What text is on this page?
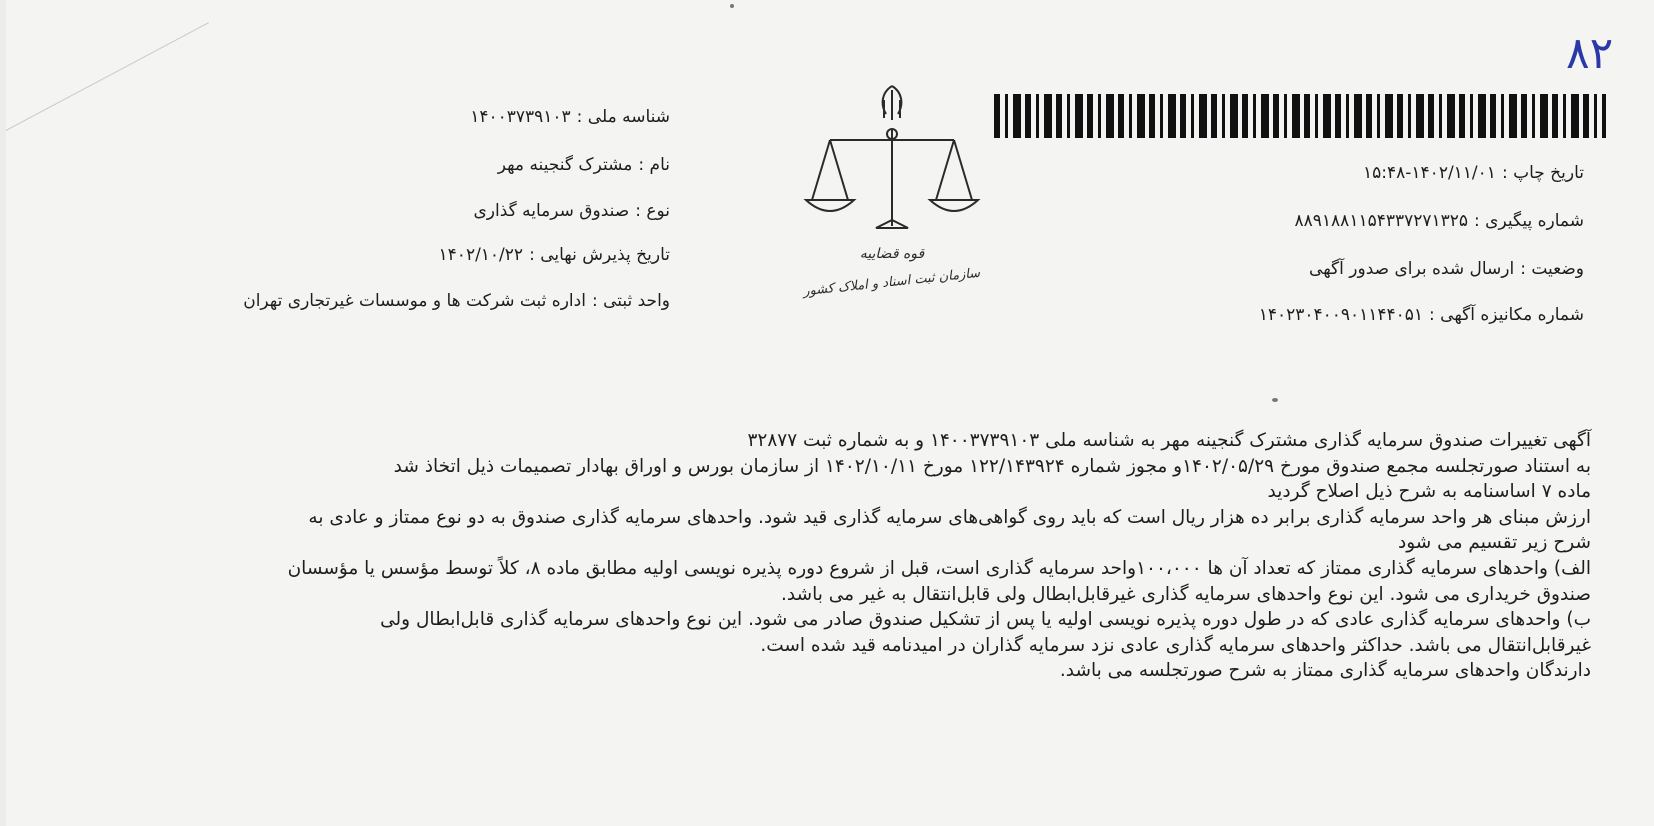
۸۲
تاریخ چاپ :۱۴۰۲/۱۱/۰۱-۱۵:۴۸
شماره پیگیری :۸۸۹۱۸۸۱۱۵۴۳۳۷۲۷۱۳۲۵
وضعیت :ارسال شده برای صدور آگهی
شماره مکانیزه آگهی :۱۴۰۲۳۰۴۰۰۹۰۱۱۴۴۰۵۱
قوه قضاییه
سازمان ثبت اسناد و املاک کشور
شناسه ملی :۱۴۰۰۳۷۳۹۱۰۳
نام :مشترک گنجینه مهر
نوع :صندوق سرمایه گذاری
تاریخ پذیرش نهایی :۱۴۰۲/۱۰/۲۲
واحد ثبتی :اداره ثبت شرکت ها و موسسات غیرتجاری تهران

آگهی تغییرات صندوق سرمایه گذاری مشترک گنجینه مهر به شناسه ملی ۱۴۰۰۳۷۳۹۱۰۳ و به شماره ثبت ۳۲۸۷۷

به استناد صورتجلسه مجمع صندوق مورخ ۱۴۰۲/۰۵/۲۹و مجوز شماره ۱۲۲/۱۴۳۹۲۴ مورخ ۱۴۰۲/۱۰/۱۱ از سازمان بورس و اوراق بهادار تصمیمات ذیل اتخاذ شد

ماده ۷ اساسنامه به شرح ذیل اصلاح گردید

ارزش مبنای هر واحد سرمایه گذاری برابر ده هزار ریال است که باید روی گواهی‌های سرمایه گذاری قید شود. واحدهای سرمایه گذاری صندوق به دو نوع ممتاز و عادی به

شرح زیر تقسیم می شود

الف) واحدهای سرمایه گذاری ممتاز که تعداد آن ها ۱۰۰،۰۰۰واحد سرمایه گذاری است، قبل از شروع دوره پذیره نویسی اولیه مطابق ماده ۸، کلاً توسط مؤسس یا مؤسسان

صندوق خریداری می شود. این نوع واحدهای سرمایه گذاری غیرقابل‌ابطال ولی قابل‌انتقال به غیر می باشد.

ب) واحدهای سرمایه گذاری عادی که در طول دوره پذیره نویسی اولیه یا پس از تشکیل صندوق صادر می شود. این نوع واحدهای سرمایه گذاری قابل‌ابطال ولی

غیرقابل‌انتقال می باشد. حداکثر واحدهای سرمایه گذاری عادی نزد سرمایه گذاران در امیدنامه قید شده است.

دارندگان واحدهای سرمایه گذاری ممتاز به شرح صورتجلسه می باشد.
